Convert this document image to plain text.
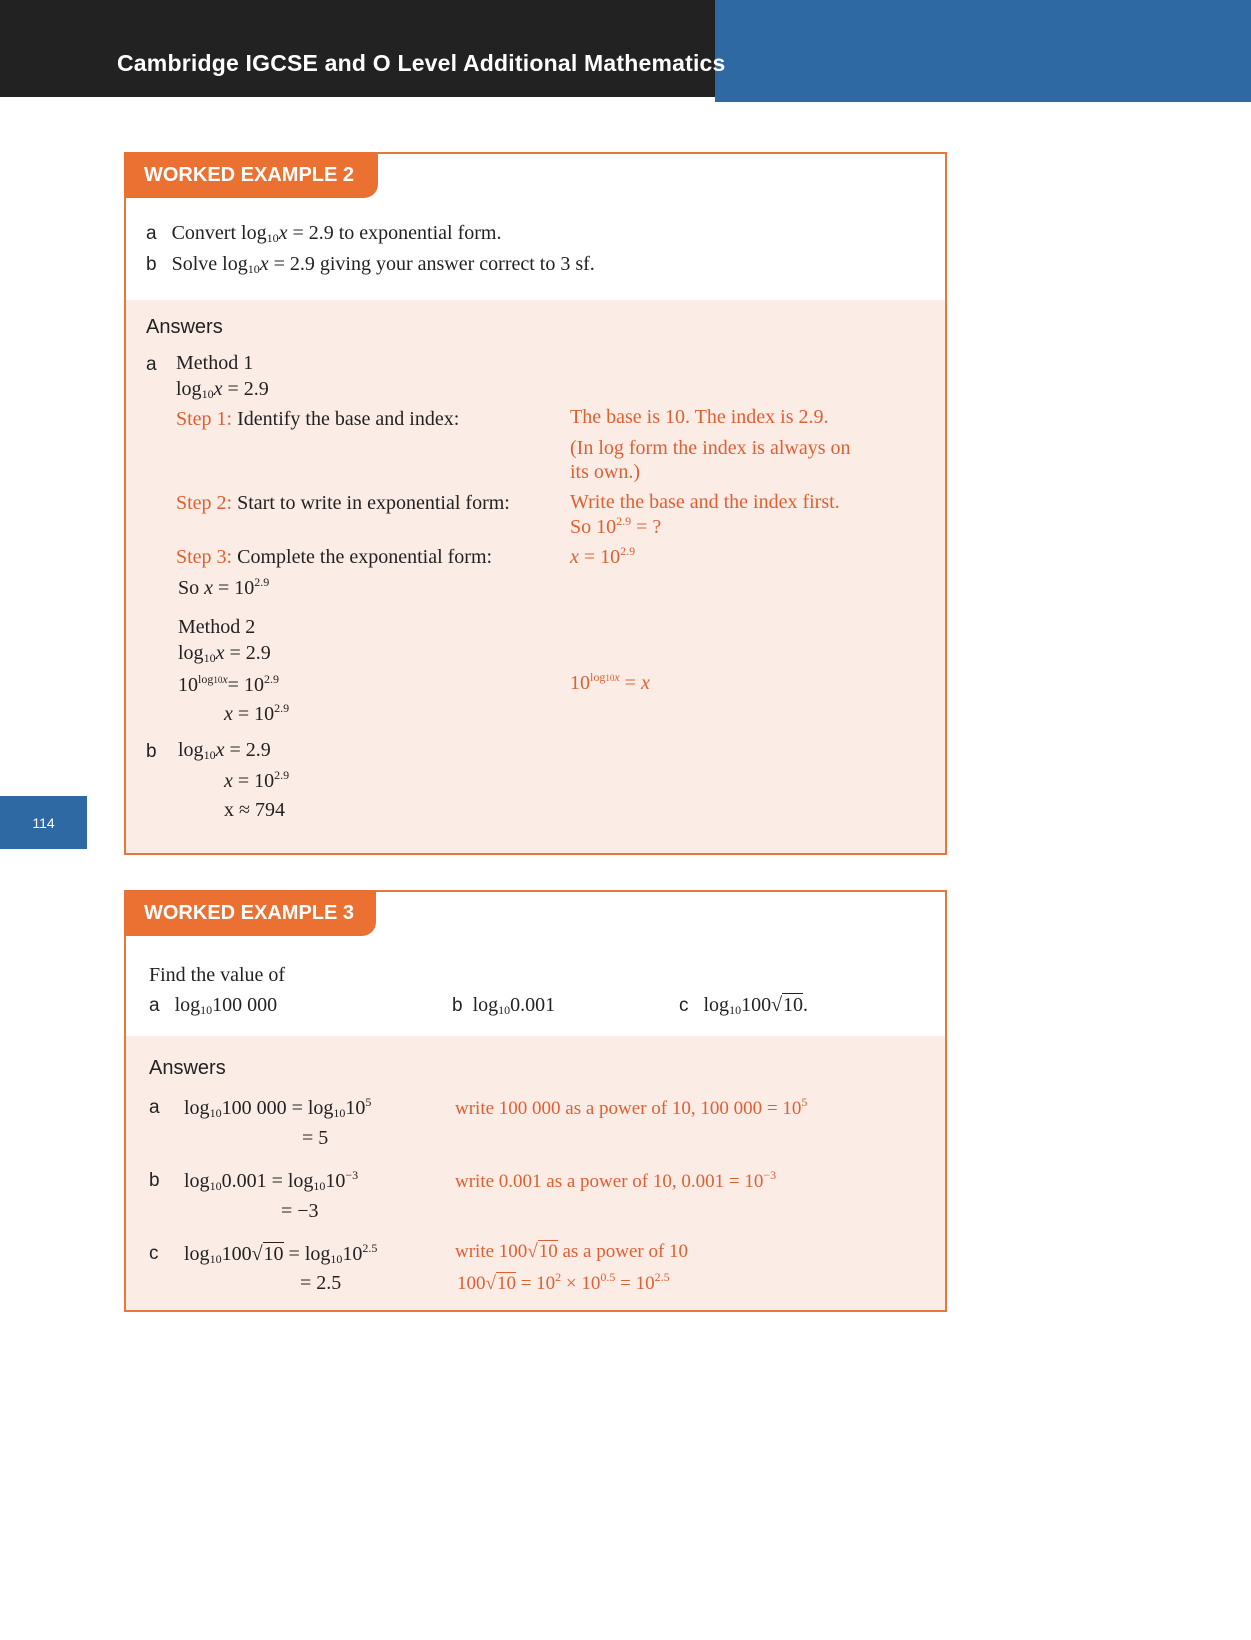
Cambridge IGCSE and O Level Additional Mathematics
114
WORKED EXAMPLE 2
a Convert $\log_{10}x = 2.9$ to exponential form.
b Solve $\log_{10}x = 2.9$ giving your answer correct to 3 sf.
Answers
a Method 1
$\log_{10}x = 2.9$
Step 1: Identify the base and index:	The base is 10. The index is 2.9.
(In log form the index is always on
its own.)
Step 2: Start to write in exponential form:	Write the base and the index first.
So $10^{2.9}$ = ?
Step 3: Complete the exponential form:	$x = 10^{2.9}$
So $x = 10^{2.9}$
Method 2
$\log_{10}x = 2.9$
$10^{log10x}= 10^{2.9}$	$10^{log10x} = x$
$x = 10^{2.9}$
b $\log_{10}x = 2.9$
$x = 10^{2.9}$
x ≈ 794
WORKED EXAMPLE 3
Find the value of
a $\log_{10}100$ 000	b $\log_{10}0.001$	c $\log_{10}100√10$.
Answers
a $\log_{10}100$ $000 = \log_{10}10^5$
= 5
write 100 000 as a power of 10, 100 $000 = 10^5$
b $\log_{10}0.001 = \log_{10}10^{-3}$
= −3
write 0.001 as a power of 10, $0.001 = 10^{-3}$
c $\log_{10}100√10 = \log_{10}10^{2.5}$
= 2.5
write 100√10 as a power of 10
$100√10 = 10^2 \times 10^{0.5} = 10^{2.5}$
